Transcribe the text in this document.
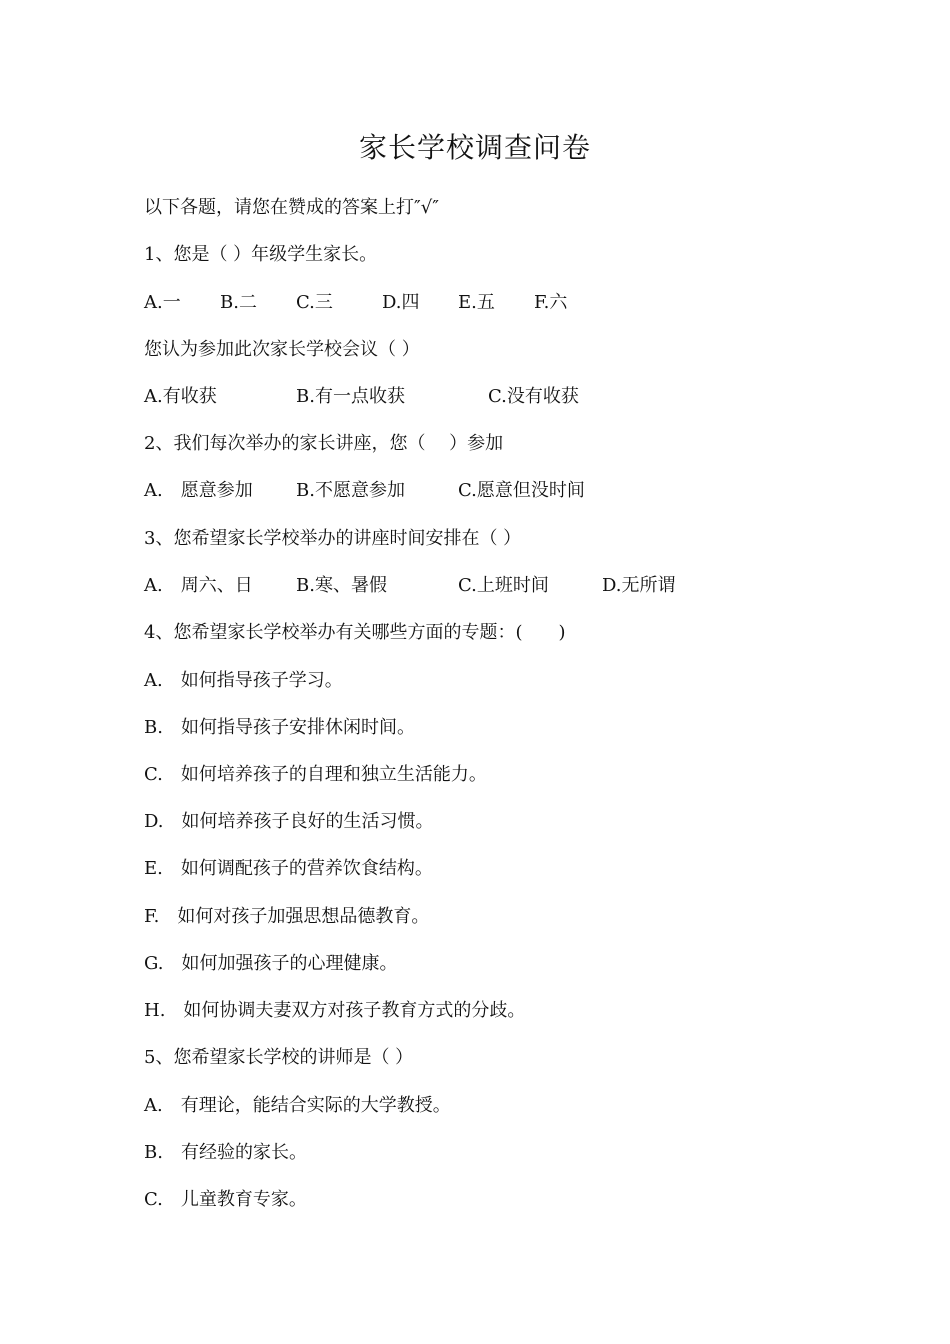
家长学校调查问卷
以下各题，请您在赞成的答案上打″√″
1、您是（ ）年级学生家长。
A.一 B.二 C.三	D.四 E.五 F.六
您认为参加此次家长学校会议（ ）
A.有收获	B.有一点收获	C.没有收获
2、我们每次举办的家长讲座，您（　 ）参加
A.　愿意参加 B.不愿意参加	C.愿意但没时间
3、您希望家长学校举办的讲座时间安排在（ ）
A.　周六、日 B.寒、暑假	C.上班时间	D.无所谓
4、您希望家长学校举办有关哪些方面的专题：(　　)
A.　如何指导孩子学习。
B.　如何指导孩子安排休闲时间。
C.　如何培养孩子的自理和独立生活能力。
D.　如何培养孩子良好的生活习惯。
E.　如何调配孩子的营养饮食结构。
F.　如何对孩子加强思想品德教育。
G.　如何加强孩子的心理健康。
H.　如何协调夫妻双方对孩子教育方式的分歧。
5、您希望家长学校的讲师是（ ）
A.　有理论，能结合实际的大学教授。
B.　有经验的家长。
C.　儿童教育专家。
